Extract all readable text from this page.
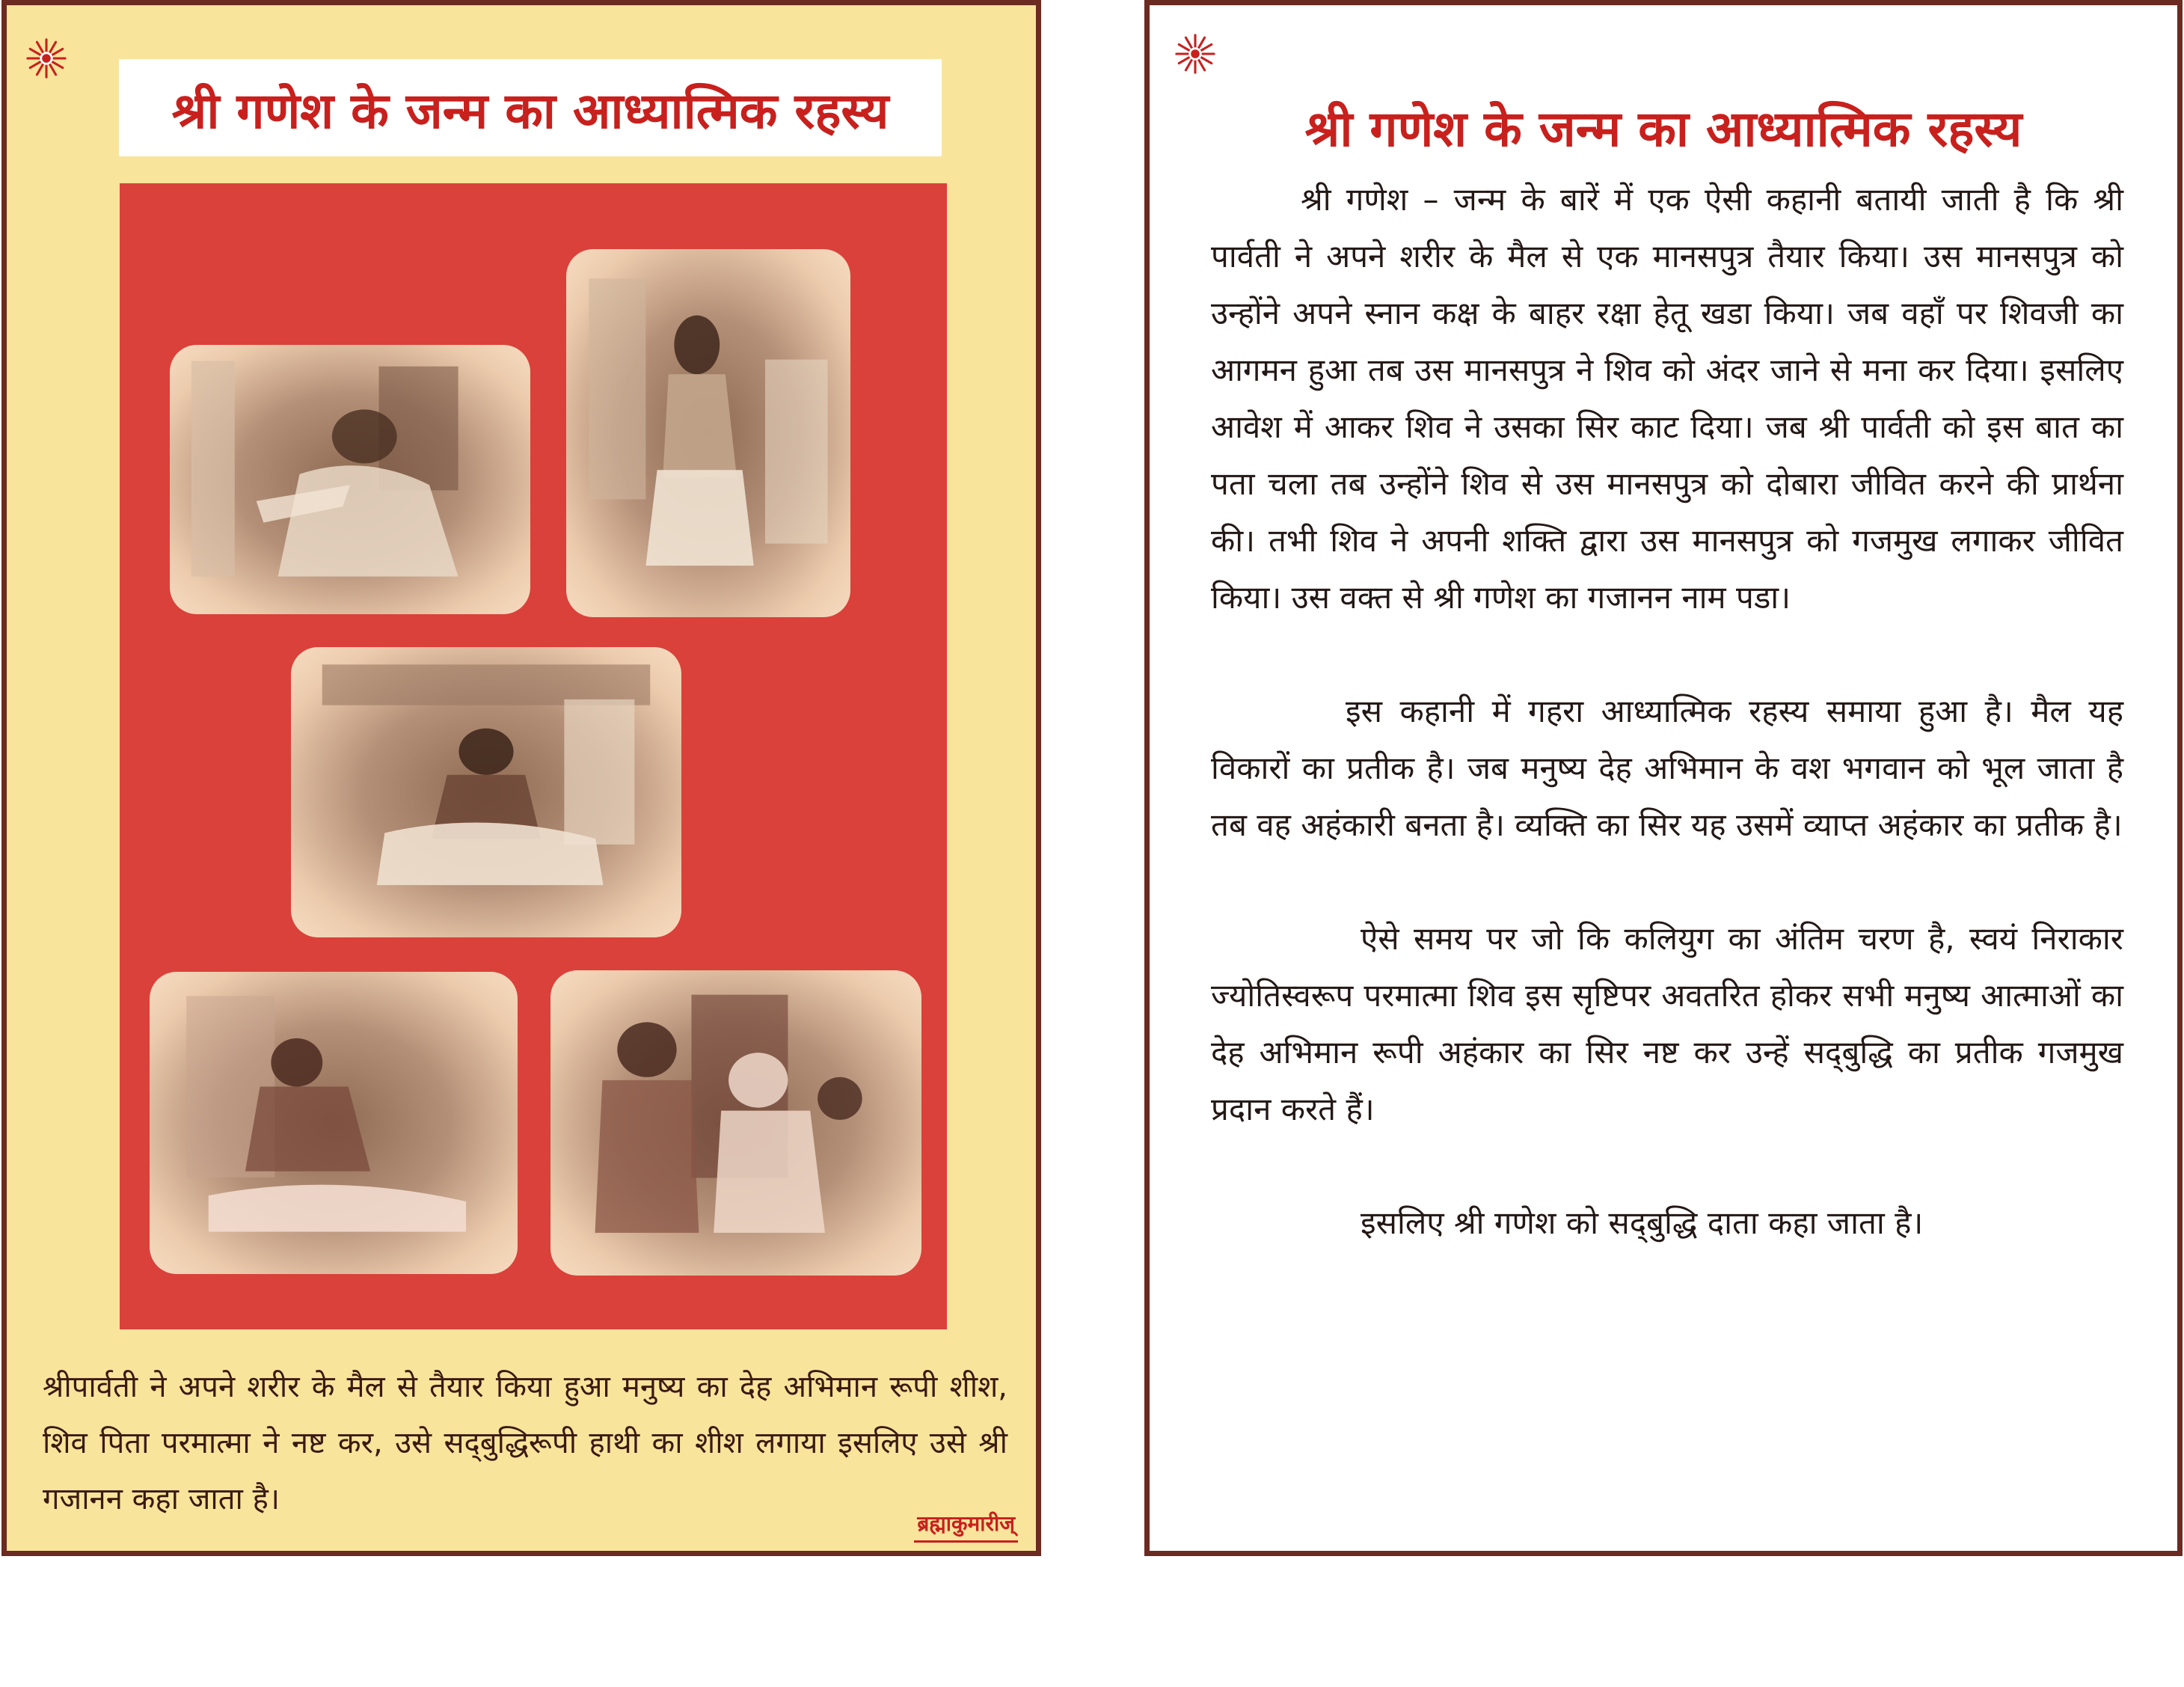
श्री गणेश के जन्म का आध्यात्मिक रहस्य

श्रीपार्वती ने अपने शरीर के मैल से तैयार किया हुआ मनुष्य का देह अभिमान रूपी शीश, शिव पिता परमात्मा ने नष्ट कर, उसे सद्‌बुद्धिरूपी हाथी का शीश लगाया इसलिए उसे श्री गजानन कहा जाता है।

ब्रह्माकुमारीज्

श्री गणेश के जन्म का आध्यात्मिक रहस्य

श्री गणेश – जन्म के बारें में एक ऐसी कहानी बतायी जाती है कि श्री पार्वती ने अपने शरीर के मैल से एक मानसपुत्र तैयार किया। उस मानसपुत्र को उन्होंने अपने स्नान कक्ष के बाहर रक्षा हेतू खडा किया। जब वहाँ पर शिवजी का आगमन हुआ तब उस मानसपुत्र ने शिव को अंदर जाने से मना कर दिया। इसलिए आवेश में आकर शिव ने उसका सिर काट दिया। जब श्री पार्वती को इस बात का पता चला तब उन्होंने शिव से उस मानसपुत्र को दोबारा जीवित करने की प्रार्थना की। तभी शिव ने अपनी शक्ति द्वारा उस मानसपुत्र को गजमुख लगाकर जीवित किया। उस वक्त से श्री गणेश का गजानन नाम पडा।

इस कहानी में गहरा आध्यात्मिक रहस्य समाया हुआ है। मैल यह विकारों का प्रतीक है। जब मनुष्य देह अभिमान के वश भगवान को भूल जाता है तब वह अहंकारी बनता है। व्यक्ति का सिर यह उसमें व्याप्त अहंकार का प्रतीक है।

ऐसे समय पर जो कि कलियुग का अंतिम चरण है, स्वयं निराकार ज्योतिस्वरूप परमात्मा शिव इस सृष्टिपर अवतरित होकर सभी मनुष्य आत्माओं का देह अभिमान रूपी अहंकार का सिर नष्ट कर उन्हें सद्‌बुद्धि का प्रतीक गजमुख प्रदान करते हैं।

इसलिए श्री गणेश को सद्‌बुद्धि दाता कहा जाता है।
